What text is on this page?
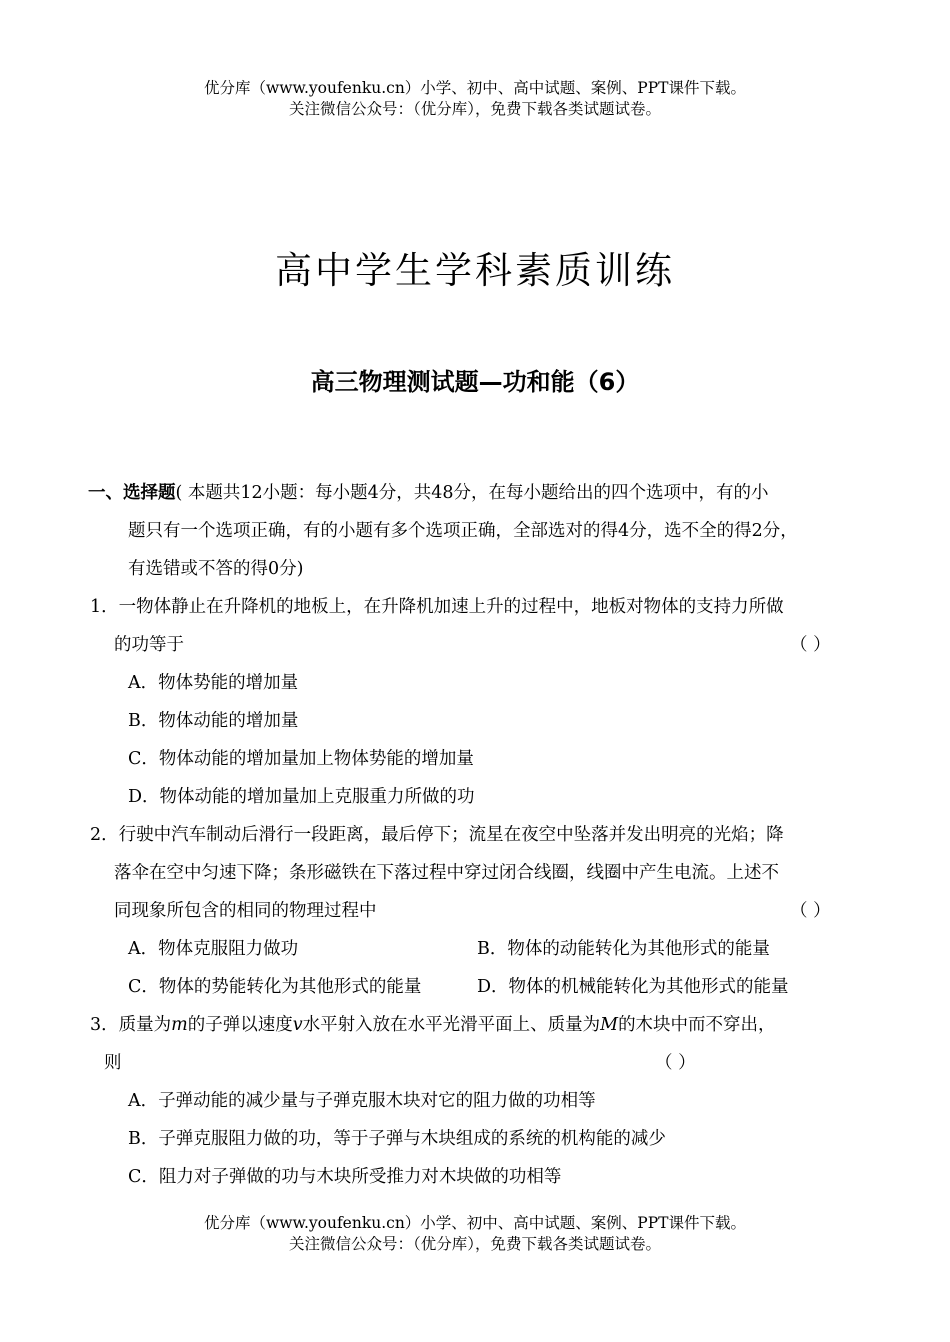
优分库（www.youfenku.cn）小学、初中、高中试题、案例、PPT课件下载。
关注微信公众号：（优分库），免费下载各类试题试卷。
高中学生学科素质训练
高三物理测试题—功和能（6）
一、选择题( 本题共12小题：每小题4分，共48分，在每小题给出的四个选项中，有的小
题只有一个选项正确，有的小题有多个选项正确，全部选对的得4分，选不全的得2分，
有选错或不答的得0分)
1．一物体静止在升降机的地板上，在升降机加速上升的过程中，地板对物体的支持力所做
的功等于	（ ）
A．物体势能的增加量
B．物体动能的增加量
C．物体动能的增加量加上物体势能的增加量
D．物体动能的增加量加上克服重力所做的功
2．行驶中汽车制动后滑行一段距离，最后停下；流星在夜空中坠落并发出明亮的光焰；降
落伞在空中匀速下降；条形磁铁在下落过程中穿过闭合线圈，线圈中产生电流。上述不
同现象所包含的相同的物理过程中	（ ）
A．物体克服阻力做功	B．物体的动能转化为其他形式的能量
C．物体的势能转化为其他形式的能量	D．物体的机械能转化为其他形式的能量
3．质量为m的子弹以速度v水平射入放在水平光滑平面上、质量为M的木块中而不穿出，
则	（ ）
A．子弹动能的减少量与子弹克服木块对它的阻力做的功相等
B．子弹克服阻力做的功，等于子弹与木块组成的系统的机构能的减少
C．阻力对子弹做的功与木块所受推力对木块做的功相等
优分库（www.youfenku.cn）小学、初中、高中试题、案例、PPT课件下载。
关注微信公众号：（优分库），免费下载各类试题试卷。
